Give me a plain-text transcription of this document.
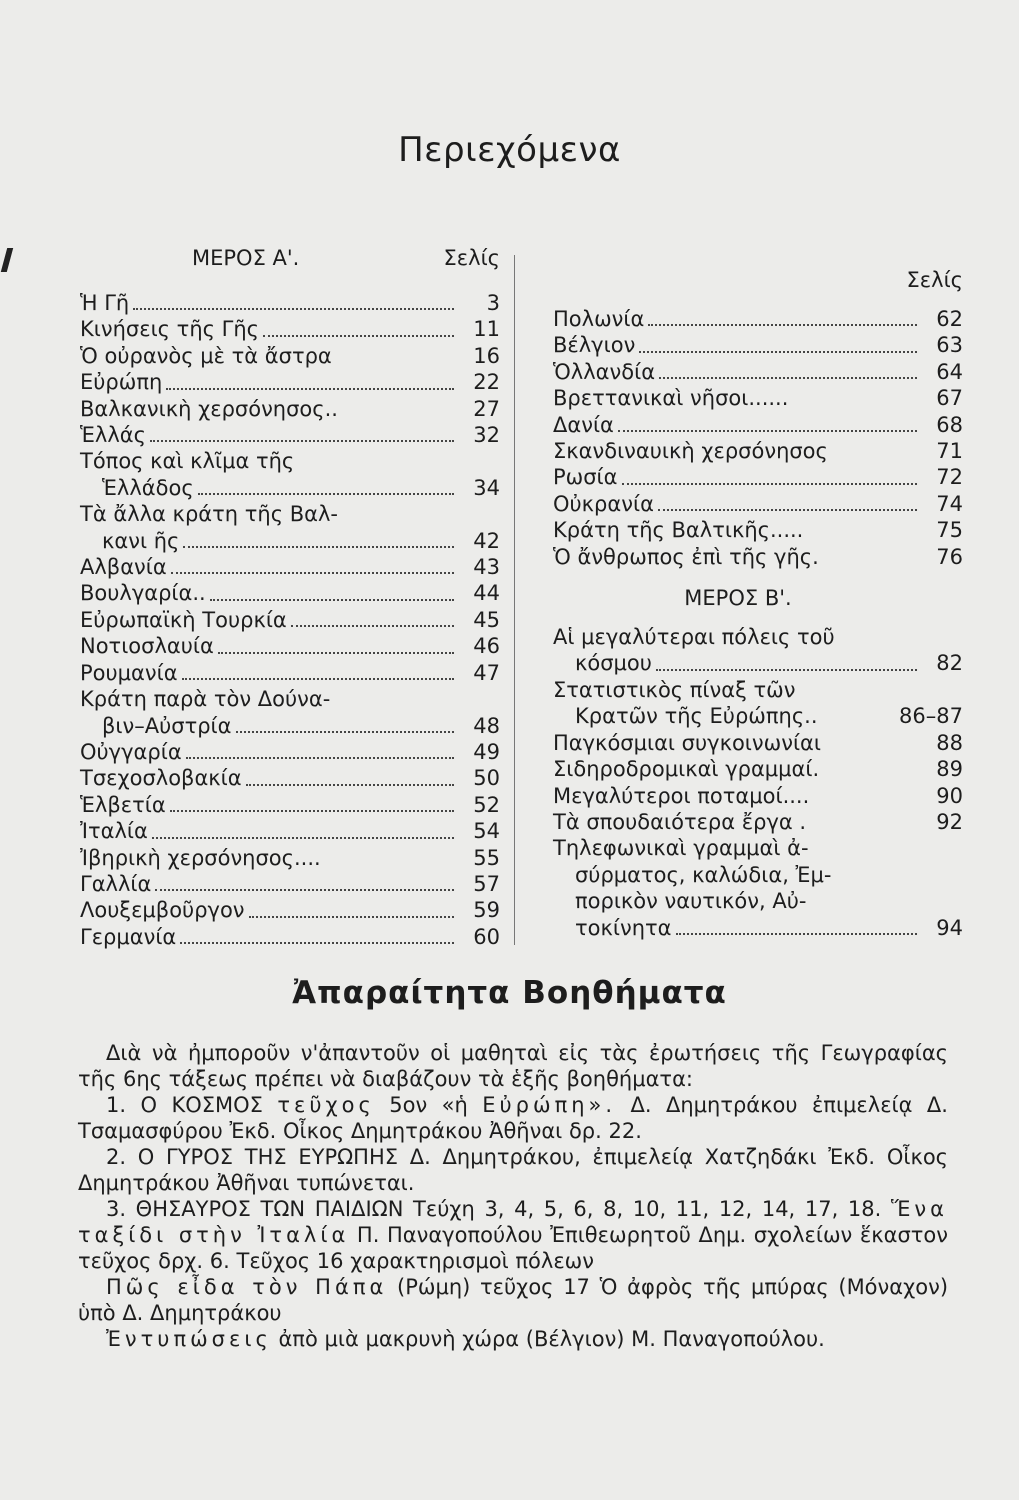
Περιεχόμενα
ΜΕΡΟΣ Α'.	Σελίς
Ἡ Γῆ	3
Κινήσεις τῆς Γῆς	11
Ὁ οὐρανὸς μὲ τὰ ἄστρα	16
Εὐρώπη	22
Βαλκανικὴ χερσόνησος..	27
Ἑλλάς	32
Τόπος καὶ κλῖμα τῆς
Ἑλλάδος	34
Τὰ ἄλλα κράτη τῆς Βαλ-
κανι ῆς	42
Αλβανία	43
Βουλγαρία..	44
Εὐρωπαϊκὴ Τουρκία	45
Νοτιοσλαυία	46
Ρουμανία	47
Κράτη παρὰ τὸν Δούνα-
βιν–Αὐστρία	48
Οὐγγαρία	49
Τσεχοσλοβακία	50
Ἑλβετία	52
Ἰταλία	54
Ἰβηρικὴ χερσόνησος....	55
Γαλλία	57
Λουξεμβοῦργον	59
Γερμανία	60
Σελίς
Πολωνία	62
Βέλγιον	63
Ὁλλανδία	64
Βρεττανικαὶ νῆσοι......	67
Δανία	68
Σκανδιναυικὴ χερσόνησος	71
Ρωσία	72
Οὐκρανία	74
Κράτη τῆς Βαλτικῆς.....	75
Ὁ ἄνθρωπος ἐπὶ τῆς γῆς.	76
ΜΕΡΟΣ Β'.
Αἱ μεγαλύτεραι πόλεις τοῦ
κόσμου	82
Στατιστικὸς πίναξ τῶν
Κρατῶν τῆς Εὐρώπης..	86–87
Παγκόσμιαι συγκοινωνίαι	88
Σιδηροδρομικαὶ γραμμαί.	89
Μεγαλύτεροι ποταμοί....	90
Τὰ σπουδαιότερα ἔργα .	92
Τηλεφωνικαὶ γραμμαὶ ἀ-
σύρματος, καλώδια, Ἐμ-
πορικὸν ναυτικόν, Αὐ-
τοκίνητα	94
Ἀπαραίτητα Βοηθήματα

Διὰ νὰ ἠμποροῦν ν'ἀπαντοῦν οἱ μαθηταὶ εἰς τὰς ἐρωτήσεις τῆς Γεωγραφίας τῆς 6ης τάξεως πρέπει νὰ διαβάζουν τὰ ἑξῆς βοηθήματα:

1. Ο ΚΟΣΜΟΣ τεῦχος 5ον «ἡ Εὐρώπη». Δ. Δημητράκου ἐπιμελείᾳ Δ. Τσαμασφύρου Ἐκδ. Οἶκος Δημητράκου Ἀθῆναι δρ. 22.

2. Ο ΓΥΡΟΣ ΤΗΣ ΕΥΡΩΠΗΣ Δ. Δημητράκου, ἐπιμελείᾳ Χατζηδάκι Ἐκδ. Οἶκος Δημητράκου Ἀθῆναι τυπώνεται.

3. ΘΗΣΑΥΡΟΣ ΤΩΝ ΠΑΙΔΙΩΝ Τεύχη 3, 4, 5, 6, 8, 10, 11, 12, 14, 17, 18. Ἕνα ταξίδι στὴν Ἰταλία Π. Παναγοπούλου Ἐπιθεωρητοῦ Δημ. σχολείων ἕκαστον τεῦχος δρχ. 6. Τεῦχος 16 χαρακτηρισμοὶ πόλεων

Πῶς εἶδα τὸν Πάπα (Ρώμη) τεῦχος 17 Ὁ ἀφρὸς τῆς μπύρας (Μόναχον) ὑπὸ Δ. Δημητράκου

Ἐντυπώσεις ἀπὸ μιὰ μακρυνὴ χώρα (Βέλγιον) Μ. Παναγοπούλου.
